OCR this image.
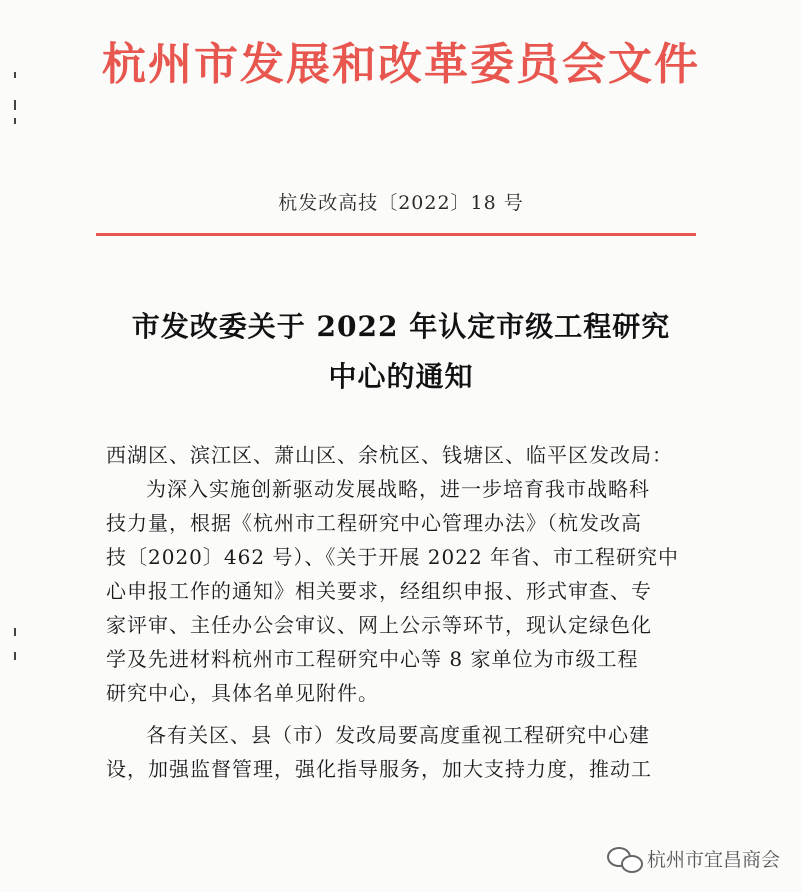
杭州市发展和改革委员会文件
杭发改高技〔2022〕18 号
市发改委关于 2022 年认定市级工程研究
中心的通知
西湖区、滨江区、萧山区、余杭区、钱塘区、临平区发改局：
为深入实施创新驱动发展战略，进一步培育我市战略科
技力量，根据《杭州市工程研究中心管理办法》（杭发改高
技〔2020〕462 号）、《关于开展 2022 年省、市工程研究中
心申报工作的通知》相关要求，经组织申报、形式审查、专
家评审、主任办公会审议、网上公示等环节，现认定绿色化
学及先进材料杭州市工程研究中心等 8 家单位为市级工程
研究中心，具体名单见附件。
各有关区、县（市）发改局要高度重视工程研究中心建
设，加强监督管理，强化指导服务，加大支持力度，推动工
杭州市宜昌商会
